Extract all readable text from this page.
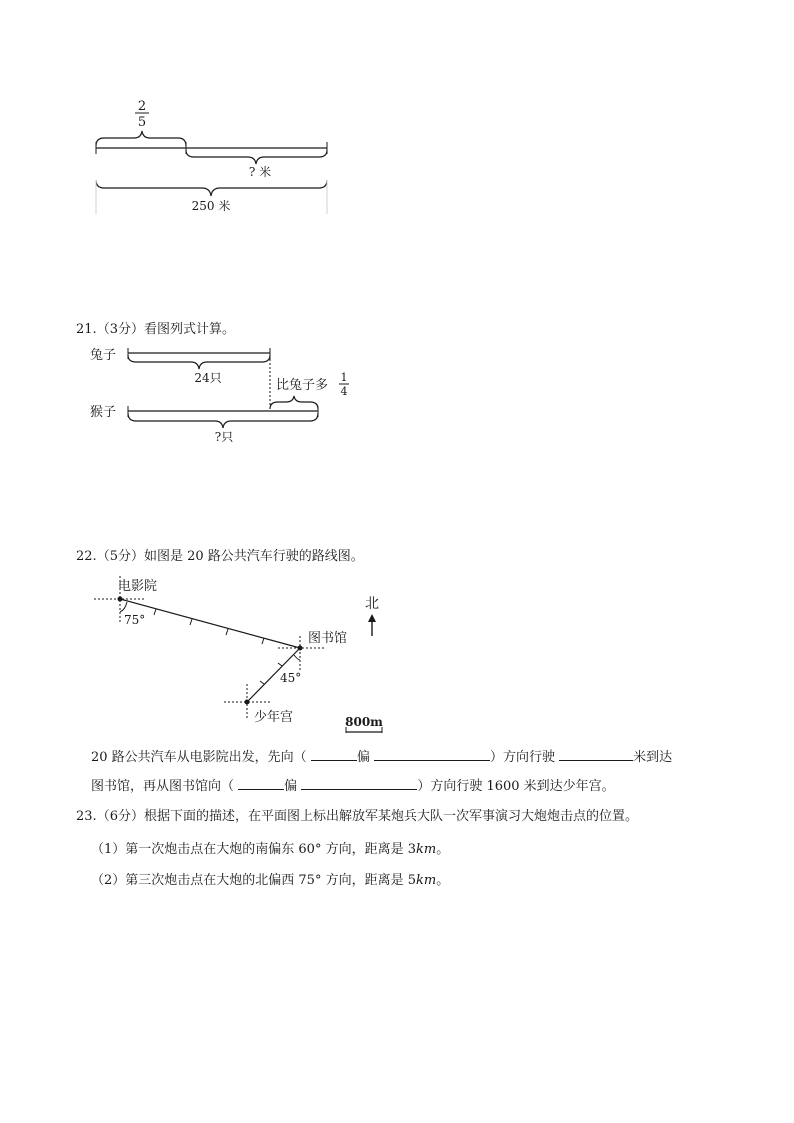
2
5
? 米
250 米
21.（3分）看图列式计算。
兔子
24只	比兔子多
1
4
猴子
?只
22.（5分）如图是 20 路公共汽车行驶的路线图。
电影院
75°
图书馆
45°
少年宫
北
800m
20 路公共汽车从电影院出发，先向（	偏	）方向行驶	米到达
图书馆，再从图书馆向（	偏	）方向行驶 1600 米到达少年宫。
23.（6分）根据下面的描述，在平面图上标出解放军某炮兵大队一次军事演习大炮炮击点的位置。
（1）第一次炮击点在大炮的南偏东 60° 方向，距离是 3km。
（2）第三次炮击点在大炮的北偏西 75° 方向，距离是 5km。
